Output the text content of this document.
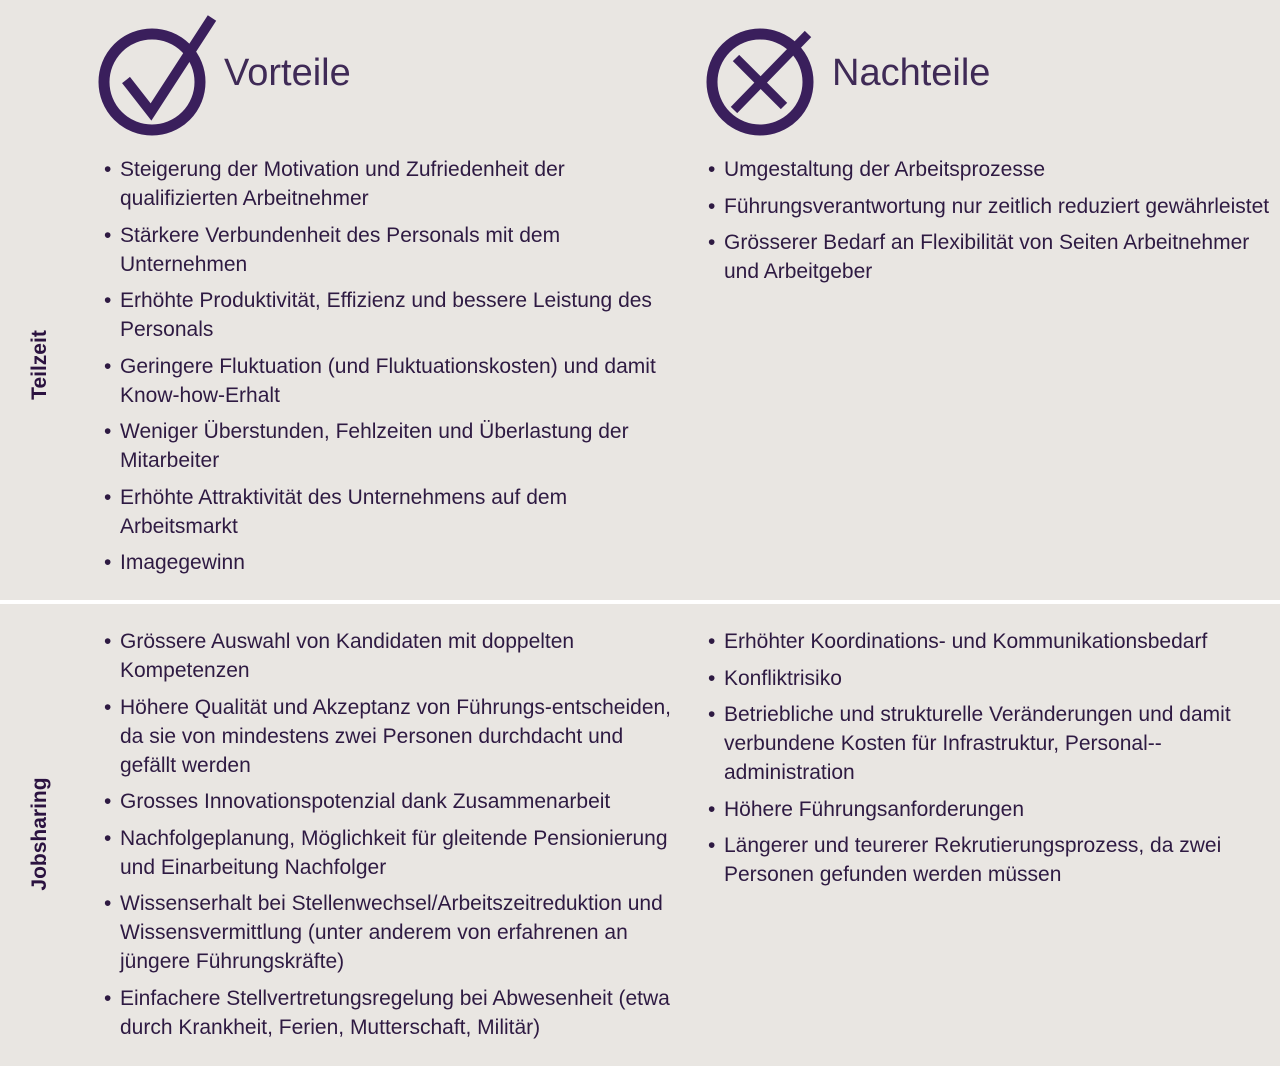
Teilzeit
Jobsharing
Vorteile	Nachteile
• Steigerung der Motivation und Zufriedenheit der qualifizierten Arbeitnehmer
• Stärkere Verbundenheit des Personals mit dem Unternehmen
• Erhöhte Produktivität, Effizienz und bessere Leistung des Personals
• Geringere Fluktuation (und Fluktuationskosten) und damit Know-how-Erhalt
• Weniger Überstunden, Fehlzeiten und Überlastung der Mitarbeiter
• Erhöhte Attraktivität des Unternehmens auf dem Arbeitsmarkt
• Imagegewinn
• Umgestaltung der Arbeitsprozesse
• Führungsverantwortung nur zeitlich reduziert gewährleistet
• Grösserer Bedarf an Flexibilität von Seiten Arbeitnehmer und Arbeitgeber
• Grössere Auswahl von Kandidaten mit doppelten Kompetenzen
• Höhere Qualität und Akzeptanz von Führungs-entscheiden, da sie von mindestens zwei Personen durchdacht und gefällt werden
• Grosses Innovationspotenzial dank Zusammenarbeit
• Nachfolgeplanung, Möglichkeit für gleitende Pensionierung und Einarbeitung Nachfolger
• Wissenserhalt bei Stellenwechsel/Arbeitszeitreduktion und Wissensvermittlung (unter anderem von erfahrenen an jüngere Führungskräfte)
• Einfachere Stellvertretungsregelung bei Abwesenheit (etwa durch Krankheit, Ferien, Mutterschaft, Militär)
• Erhöhter Koordinations- und Kommunikationsbedarf
• Konfliktrisiko
• Betriebliche und strukturelle Veränderungen und damit verbundene Kosten für Infrastruktur, Personal-administration
• Höhere Führungsanforderungen
• Längerer und teurerer Rekrutierungsprozess, da zwei Personen gefunden werden müssen
